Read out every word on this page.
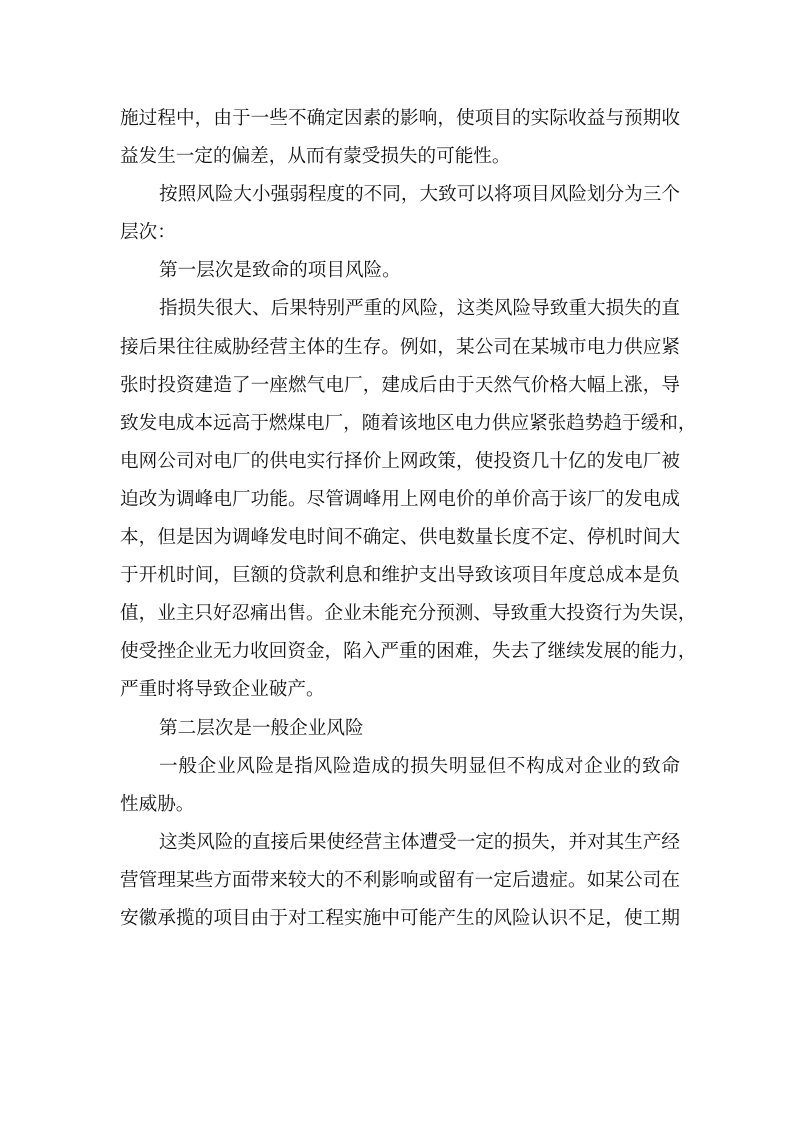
施过程中，由于一些不确定因素的影响，使项目的实际收益与预期收
益发生一定的偏差，从而有蒙受损失的可能性。
按照风险大小强弱程度的不同，大致可以将项目风险划分为三个
层次：
第一层次是致命的项目风险。
指损失很大、后果特别严重的风险，这类风险导致重大损失的直
接后果往往威胁经营主体的生存。例如，某公司在某城市电力供应紧
张时投资建造了一座燃气电厂，建成后由于天然气价格大幅上涨，导
致发电成本远高于燃煤电厂，随着该地区电力供应紧张趋势趋于缓和，
电网公司对电厂的供电实行择价上网政策，使投资几十亿的发电厂被
迫改为调峰电厂功能。尽管调峰用上网电价的单价高于该厂的发电成
本，但是因为调峰发电时间不确定、供电数量长度不定、停机时间大
于开机时间，巨额的贷款利息和维护支出导致该项目年度总成本是负
值，业主只好忍痛出售。企业未能充分预测、导致重大投资行为失误，
使受挫企业无力收回资金，陷入严重的困难，失去了继续发展的能力，
严重时将导致企业破产。
第二层次是一般企业风险
一般企业风险是指风险造成的损失明显但不构成对企业的致命
性威胁。
这类风险的直接后果使经营主体遭受一定的损失，并对其生产经
营管理某些方面带来较大的不利影响或留有一定后遗症。如某公司在
安徽承揽的项目由于对工程实施中可能产生的风险认识不足，使工期
